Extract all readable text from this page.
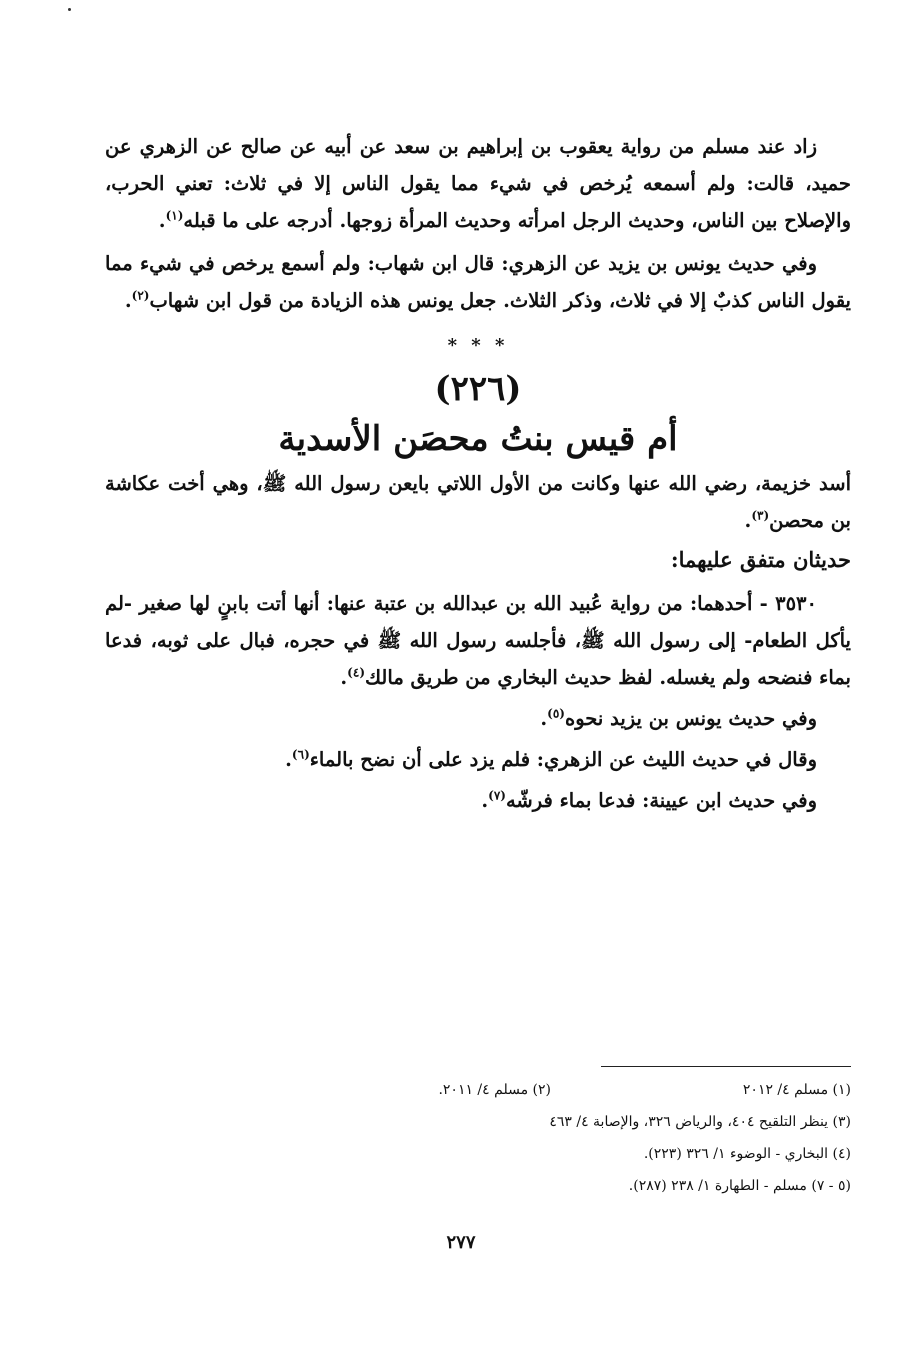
زاد عند مسلم من رواية يعقوب بن إبراهيم بن سعد عن أبيه عن صالح عن الزهري عن حميد، قالت: ولم أسمعه يُرخص في شيء مما يقول الناس إلا في ثلاث: تعني الحرب، والإصلاح بين الناس، وحديث الرجل امرأته وحديث المرأة زوجها. أدرجه على ما قبله$^{(١)}$.

وفي حديث يونس بن يزيد عن الزهري: قال ابن شهاب: ولم أسمع يرخص في شيء مما يقول الناس كذبٌ إلا في ثلاث، وذكر الثلاث. جعل يونس هذه الزيادة من قول ابن شهاب$^{(٢)}$.

* * *
(٢٢٦)
أم قيس بنتُ محصَن الأسدية

أسد خزيمة، رضي الله عنها وكانت من الأول اللاتي بايعن رسول الله ﷺ، وهي أخت عكاشة بن محصن$^{(٣)}$.

حديثان متفق عليهما:

٣٥٣٠ - أحدهما: من رواية عُبيد الله بن عبدالله بن عتبة عنها: أنها أتت بابنٍ لها صغير -لم يأكل الطعام- إلى رسول الله ﷺ، فأجلسه رسول الله ﷺ في حجره، فبال على ثوبه، فدعا بماء فنضحه ولم يغسله. لفظ حديث البخاري من طريق مالك$^{(٤)}$.

وفي حديث يونس بن يزيد نحوه$^{(٥)}$.

وقال في حديث الليث عن الزهري: فلم يزد على أن نضح بالماء$^{(٦)}$.

وفي حديث ابن عيينة: فدعا بماء فرشّه$^{(٧)}$.

(١) مسلم ٤/ ٢٠١٢
(٢) مسلم ٤/ ٢٠١١.
(٣) ينظر التلقيح ٤٠٤، والرياض ٣٢٦، والإصابة ٤/ ٤٦٣
(٤) البخاري - الوضوء ١/ ٣٢٦ (٢٢٣).
(٥ - ٧) مسلم - الطهارة ١/ ٢٣٨ (٢٨٧).
٢٧٧
